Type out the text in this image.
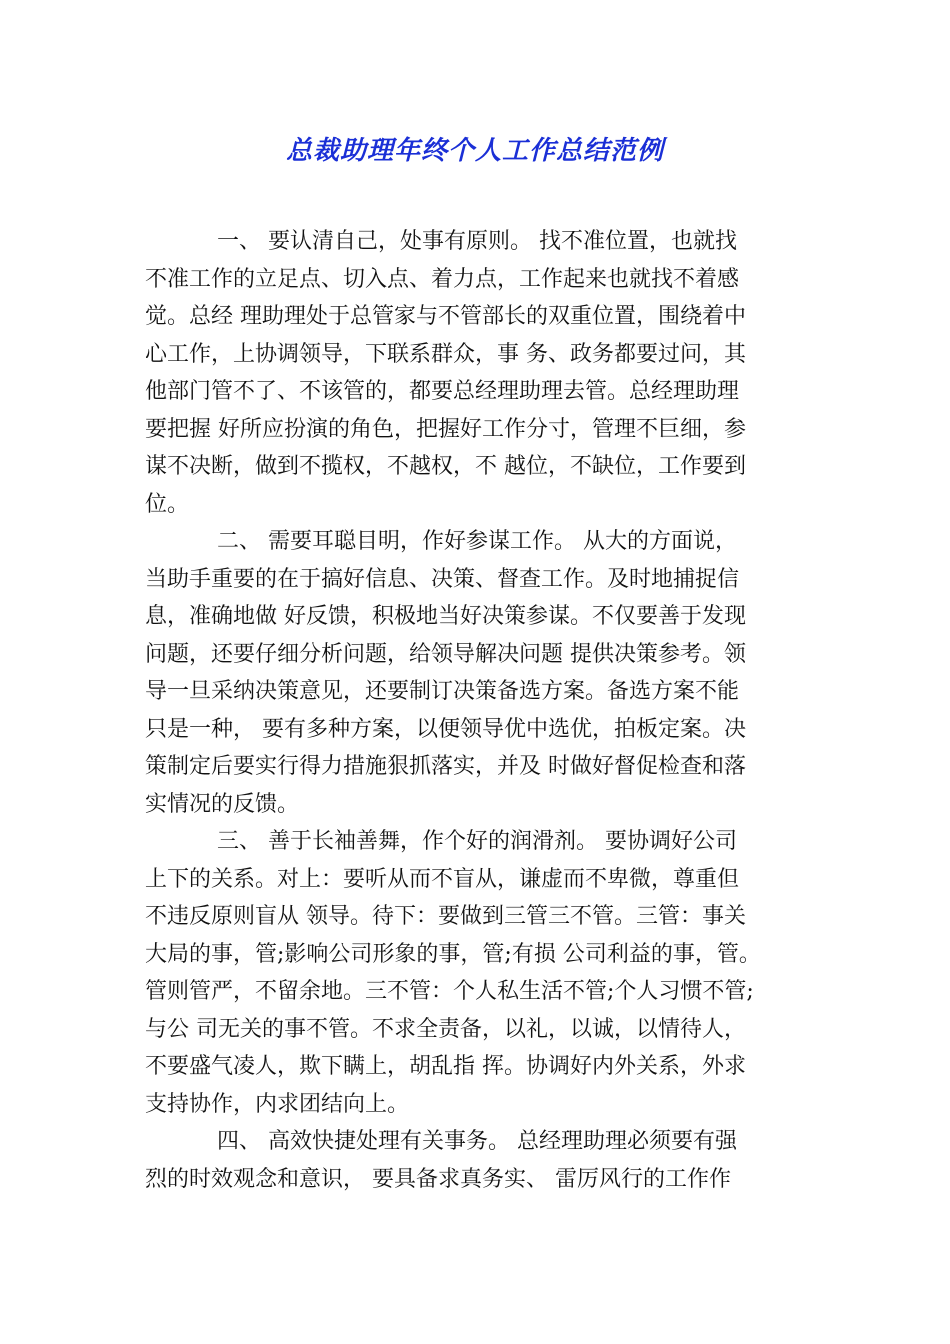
总裁助理年终个人工作总结范例
一、 要认清自己，处事有原则。 找不准位置，也就找
不准工作的立足点、切入点、着力点，工作起来也就找不着感
觉。总经 理助理处于总管家与不管部长的双重位置，围绕着中
心工作，上协调领导，下联系群众，事 务、政务都要过问，其
他部门管不了、不该管的，都要总经理助理去管。总经理助理
要把握 好所应扮演的角色，把握好工作分寸，管理不巨细，参
谋不决断，做到不揽权，不越权，不 越位，不缺位，工作要到
位。
二、 需要耳聪目明，作好参谋工作。 从大的方面说，
当助手重要的在于搞好信息、决策、督查工作。及时地捕捉信
息，准确地做 好反馈，积极地当好决策参谋。不仅要善于发现
问题，还要仔细分析问题，给领导解决问题 提供决策参考。领
导一旦采纳决策意见，还要制订决策备选方案。备选方案不能
只是一种， 要有多种方案，以便领导优中选优，拍板定案。决
策制定后要实行得力措施狠抓落实，并及 时做好督促检查和落
实情况的反馈。
三、 善于长袖善舞，作个好的润滑剂。 要协调好公司
上下的关系。对上：要听从而不盲从，谦虚而不卑微，尊重但
不违反原则盲从 领导。待下：要做到三管三不管。三管：事关
大局的事，管;影响公司形象的事，管;有损 公司利益的事，管。
管则管严，不留余地。三不管：个人私生活不管;个人习惯不管;
与公 司无关的事不管。不求全责备，以礼，以诚，以情待人，
不要盛气凌人，欺下瞒上，胡乱指 挥。协调好内外关系，外求
支持协作，内求团结向上。
四、 高效快捷处理有关事务。 总经理助理必须要有强
烈的时效观念和意识， 要具备求真务实、 雷厉风行的工作作
